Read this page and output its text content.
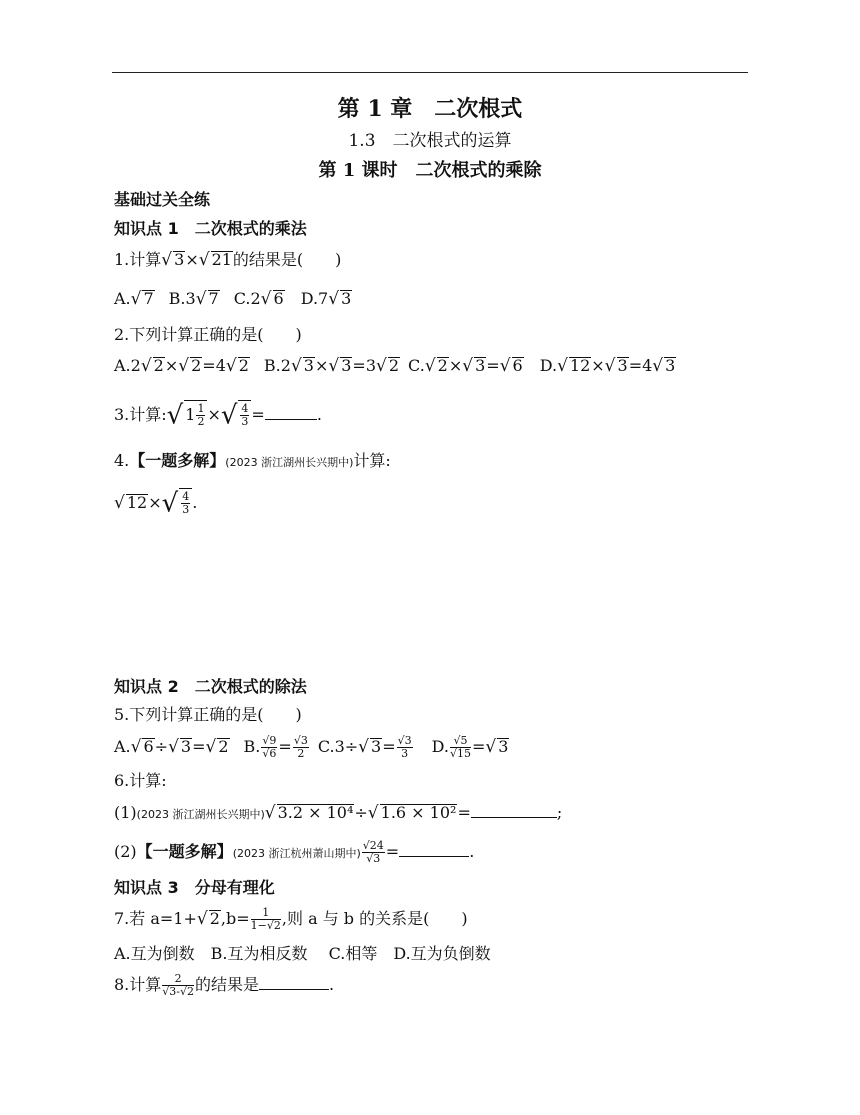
第 1 章　二次根式
1.3　二次根式的运算
第 1 课时　二次根式的乘除
基础过关全练
知识点 1　二次根式的乘法
1.计算√ 3×√ 21的结果是(　　)
A.√ 7 B.3√ 7 C.2√ 6 D.7√ 3
2.下列计算正确的是(　　)
A.2√ 2×√ 2=4√ 2 B.2√ 3×√ 3=3√ 2 C.√ 2×√ 3=√ 6 D.√ 12×√ 3=4√ 3
3.计算:√ $1 \frac{1}{2}$ ×√ $\frac{4}{3}$ =	.
4.【一题多解】(2023 浙江湖州长兴期中)计算:
√ $12\times√ \frac{4}{3}$ .
知识点 2　二次根式的除法
5.下列计算正确的是(　　)
A.√ 6÷√ 3=√ 2 B. $\frac{√9}{√6} = \frac{√3}{2} C.3\div√$ $3= \frac{√3}{3} D$. $\frac{√5}{√15}$ =√ 3
6.计算:
(1)(2023 浙江湖州长兴期中)√ 3.2 × 10⁴÷√ 1.6 × 10²=	;
(2)【一题多解】(2023 浙江杭州萧山期中) $\frac{√24}{√3}$ =	.
知识点 3　分母有理化
7.若 a=1+√ $2,b= \frac{1}{1-√2}$ ,则 a 与 b 的关系是(　　)
A.互为倒数　B.互为相反数　 C.相等　D.互为负倒数
8.计算 $\frac{2}{√3-√2}$ 的结果是	.
